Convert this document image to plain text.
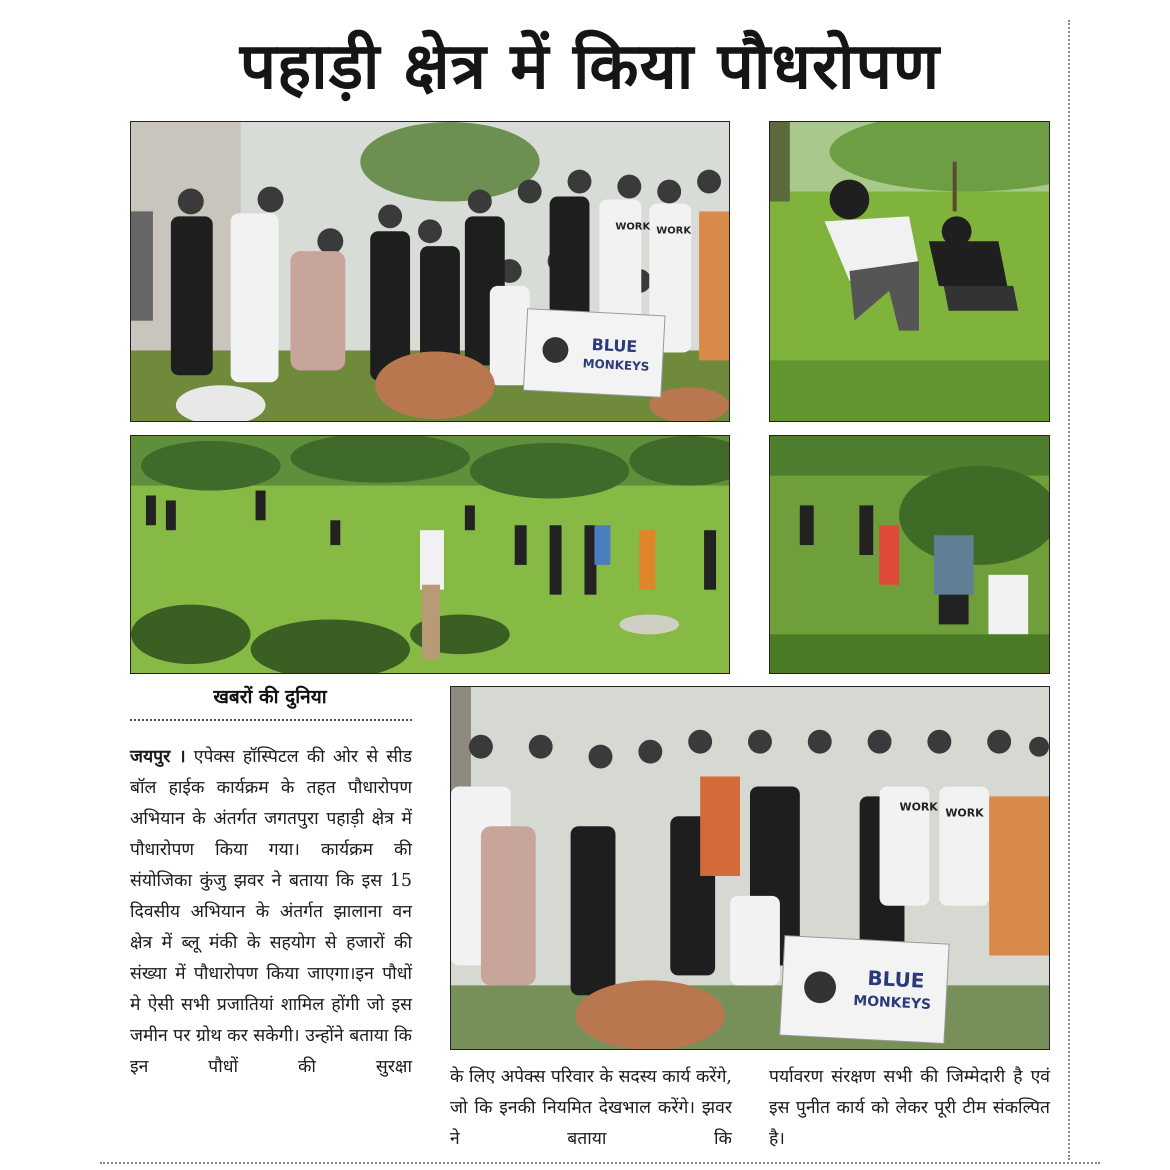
पहाड़ी क्षेत्र में किया पौधरोपण
BLUE
MONKEYS
WORK WORK
BLUE
MONKEYS
WORK WORK
खबरों की दुनिया
जयपुर । एपेक्स हॉस्पिटल की ओर से सीड बॉल हाईक कार्यक्रम के तहत पौधारोपण अभियान के अंतर्गत जगतपुरा पहाड़ी क्षेत्र में पौधारोपण किया गया। कार्यक्रम की संयोजिका कुंजु झवर ने बताया कि इस 15 दिवसीय अभियान के अंतर्गत झालाना वन क्षेत्र में ब्लू मंकी के सहयोग से हजारों की संख्या में पौधारोपण किया जाएगा।इन पौधों मे ऐसी सभी प्रजातियां शामिल होंगी जो इस जमीन पर ग्रोथ कर सकेगी। उन्होंने बताया कि इन पौधों की सुरक्षा के लिए अपेक्स परिवार के सदस्य कार्य करेंगे, जो कि इनकी नियमित देखभाल करेंगे। झवर ने बताया कि
पर्यावरण संरक्षण सभी की जिम्मेदारी है एवं इस पुनीत कार्य को लेकर पूरी टीम संकल्पित है।
